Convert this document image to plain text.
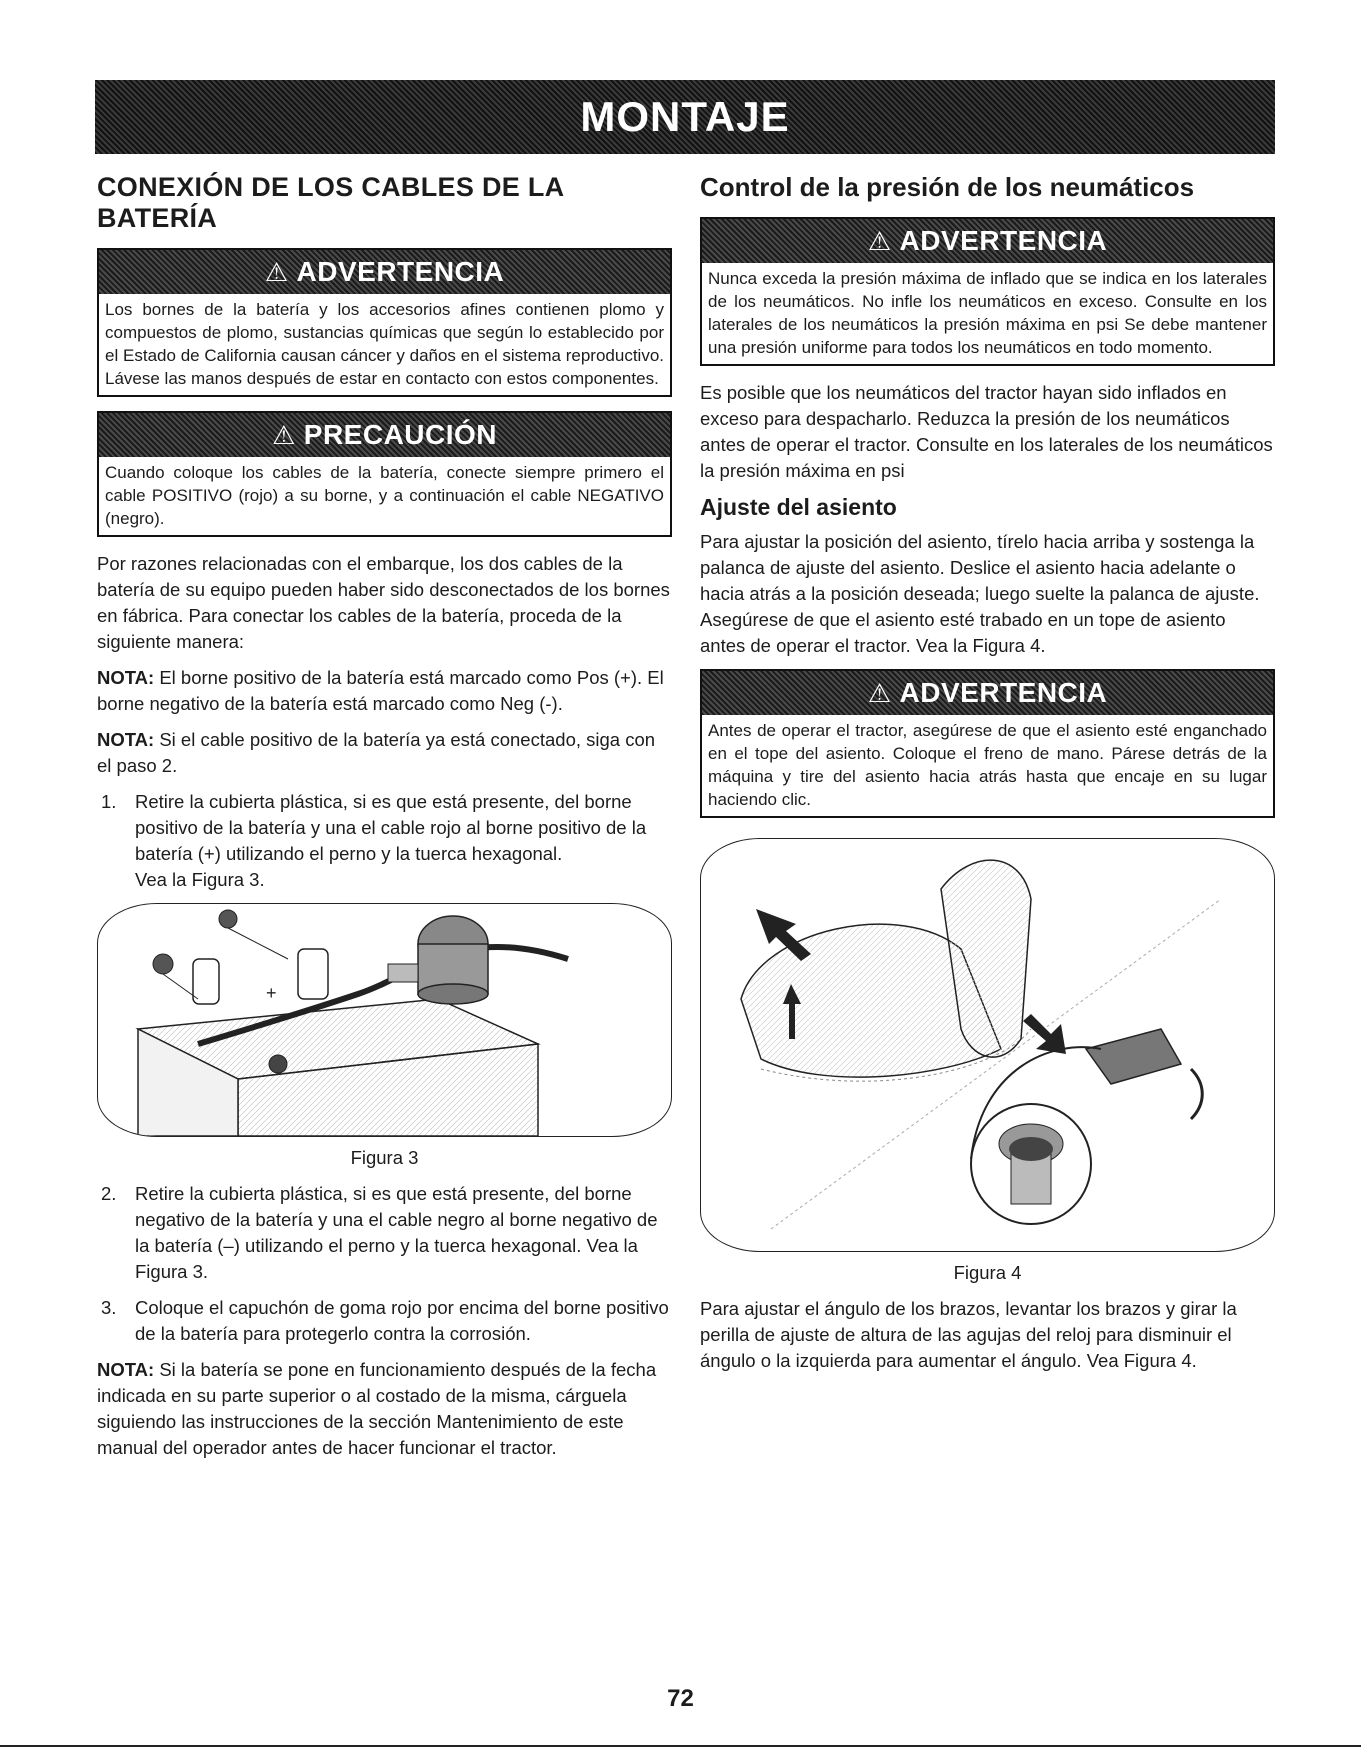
MONTAJE
CONEXIÓN DE LOS CABLES DE LA BATERÍA
⚠ ADVERTENCIA
Los bornes de la batería y los accesorios afines contienen plomo y compuestos de plomo, sustancias químicas que según lo establecido por el Estado de California causan cáncer y daños en el sistema reproductivo. Lávese las manos después de estar en contacto con estos componentes.
⚠ PRECAUCIÓN
Cuando coloque los cables de la batería, conecte siempre primero el cable POSITIVO (rojo) a su borne, y a continuación el cable NEGATIVO (negro).

Por razones relacionadas con el embarque, los dos cables de la batería de su equipo pueden haber sido desconectados de los bornes en fábrica. Para conectar los cables de la batería, proceda de la siguiente manera:

NOTA: El borne positivo de la batería está marcado como Pos (+). El borne negativo de la batería está marcado como Neg (-).

NOTA: Si el cable positivo de la batería ya está conectado, siga con el paso 2.

1. Retire la cubierta plástica, si es que está presente, del borne positivo de la batería y una el cable rojo al borne positivo de la batería (+) utilizando el perno y la tuerca hexagonal.
Vea la Figura 3.
+
Figura 3
2. Retire la cubierta plástica, si es que está presente, del borne negativo de la batería y una el cable negro al borne negativo de la batería (–) utilizando el perno y la tuerca hexagonal. Vea la Figura 3.
3. Coloque el capuchón de goma rojo por encima del borne positivo de la batería para protegerlo contra la corrosión.

NOTA: Si la batería se pone en funcionamiento después de la fecha indicada en su parte superior o al costado de la misma, cárguela siguiendo las instrucciones de la sección Mantenimiento de este manual del operador antes de hacer funcionar el tractor.

Control de la presión de los neumáticos
⚠ ADVERTENCIA
Nunca exceda la presión máxima de inflado que se indica en los laterales de los neumáticos. No infle los neumáticos en exceso. Consulte en los laterales de los neumáticos la presión máxima en psi Se debe mantener una presión uniforme para todos los neumáticos en todo momento.

Es posible que los neumáticos del tractor hayan sido inflados en exceso para despacharlo. Reduzca la presión de los neumáticos antes de operar el tractor. Consulte en los laterales de los neumáticos la presión máxima en psi

Ajuste del asiento

Para ajustar la posición del asiento, tírelo hacia arriba y sostenga la palanca de ajuste del asiento. Deslice el asiento hacia adelante o hacia atrás a la posición deseada; luego suelte la palanca de ajuste. Asegúrese de que el asiento esté trabado en un tope de asiento antes de operar el tractor. Vea la Figura 4.

⚠ ADVERTENCIA
Antes de operar el tractor, asegúrese de que el asiento esté enganchado en el tope del asiento. Coloque el freno de mano. Párese detrás de la máquina y tire del asiento hacia atrás hasta que encaje en su lugar haciendo clic.
Figura 4

Para ajustar el ángulo de los brazos, levantar los brazos y girar la perilla de ajuste de altura de las agujas del reloj para disminuir el ángulo o la izquierda para aumentar el ángulo. Vea Figura 4.

72
